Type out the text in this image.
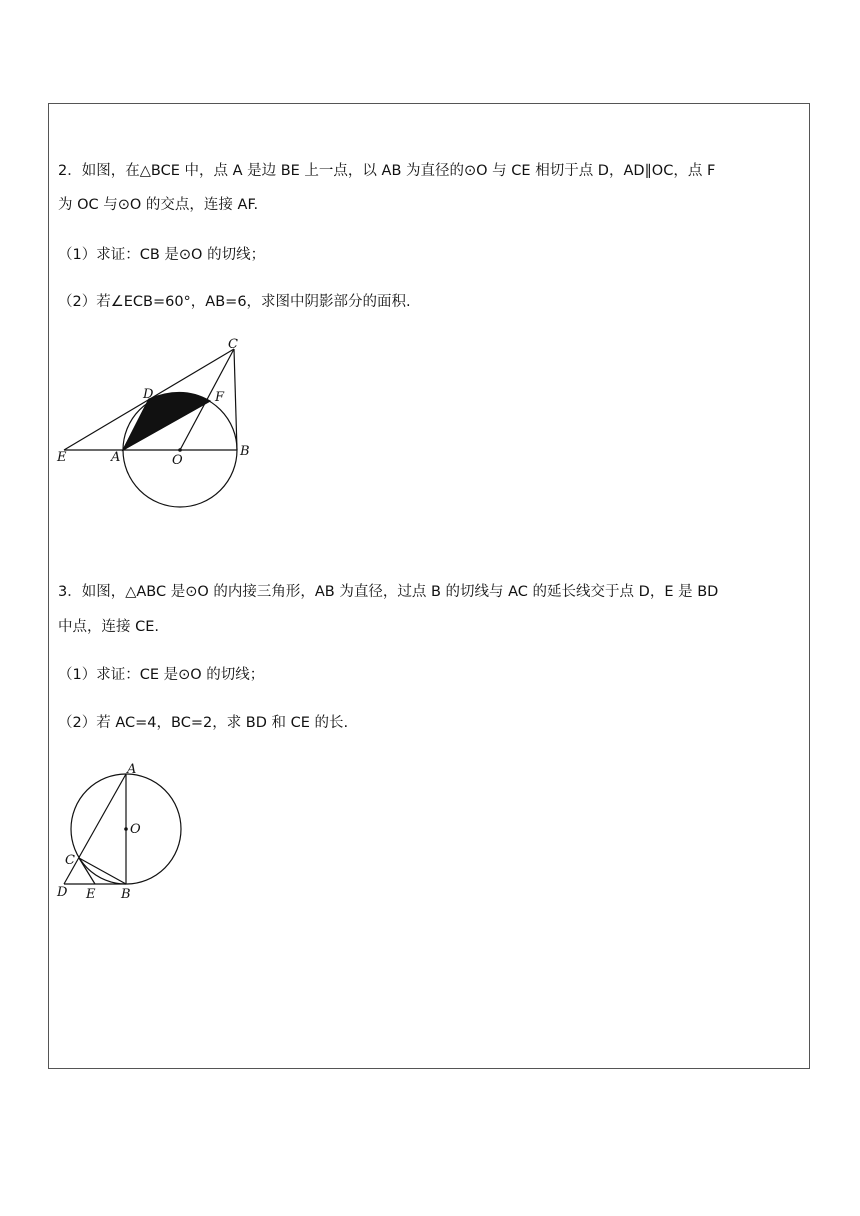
2．如图，在△BCE 中，点 A 是边 BE 上一点，以 AB 为直径的⊙O 与 CE 相切于点 D，AD∥OC，点 F
为 OC 与⊙O 的交点，连接 AF.
（1）求证：CB 是⊙O 的切线；
（2）若∠ECB=60°，AB=6，求图中阴影部分的面积.
C
D	F
E	A	O
B
3．如图，△ABC 是⊙O 的内接三角形，AB 为直径，过点 B 的切线与 AC 的延长线交于点 D，E 是 BD
中点，连接 CE.
（1）求证：CE 是⊙O 的切线；
（2）若 AC=4，BC=2，求 BD 和 CE 的长.
A
O
C
D E B
